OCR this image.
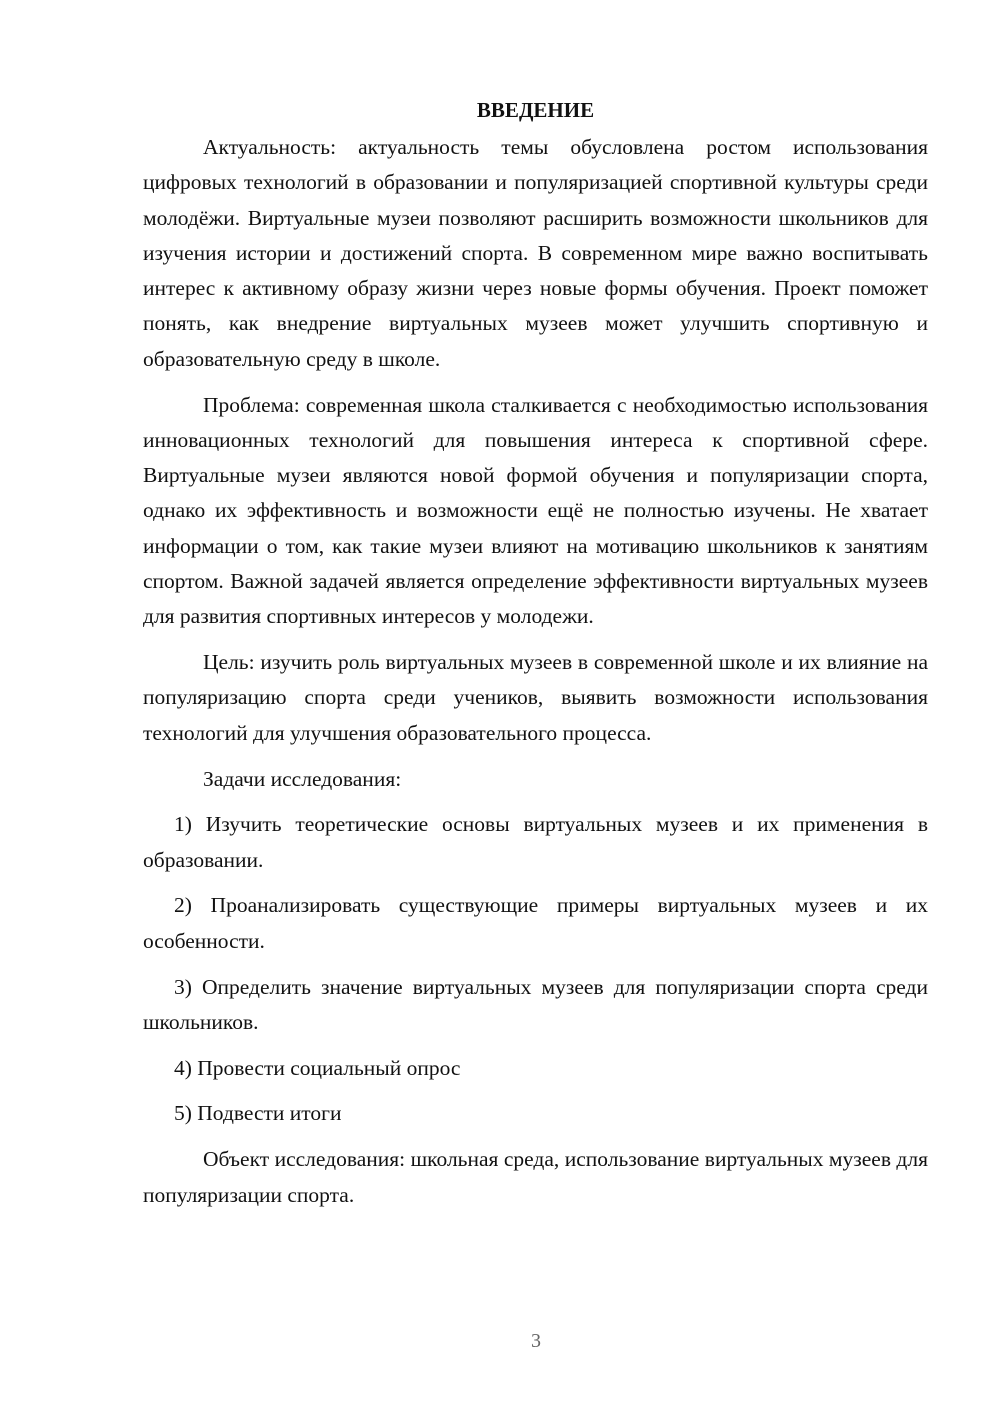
ВВЕДЕНИЕ

Актуальность: актуальность темы обусловлена ростом использования цифровых технологий в образовании и популяризацией спортивной культуры среди молодёжи. Виртуальные музеи позволяют расширить возможности школьников для изучения истории и достижений спорта. В современном мире важно воспитывать интерес к активному образу жизни через новые формы обучения. Проект поможет понять, как внедрение виртуальных музеев может улучшить спортивную и образовательную среду в школе.

Проблема: современная школа сталкивается с необходимостью использования инновационных технологий для повышения интереса к спортивной сфере. Виртуальные музеи являются новой формой обучения и популяризации спорта, однако их эффективность и возможности ещё не полностью изучены. Не хватает информации о том, как такие музеи влияют на мотивацию школьников к занятиям спортом. Важной задачей является определение эффективности виртуальных музеев для развития спортивных интересов у молодежи.

Цель: изучить роль виртуальных музеев в современной школе и их влияние на популяризацию спорта среди учеников, выявить возможности использования технологий для улучшения образовательного процесса.

Задачи исследования:

1) Изучить теоретические основы виртуальных музеев и их применения в образовании.

2) Проанализировать существующие примеры виртуальных музеев и их особенности.

3) Определить значение виртуальных музеев для популяризации спорта среди школьников.

4) Провести социальный опрос

5) Подвести итоги

Объект исследования: школьная среда, использование виртуальных музеев для популяризации спорта.

3
